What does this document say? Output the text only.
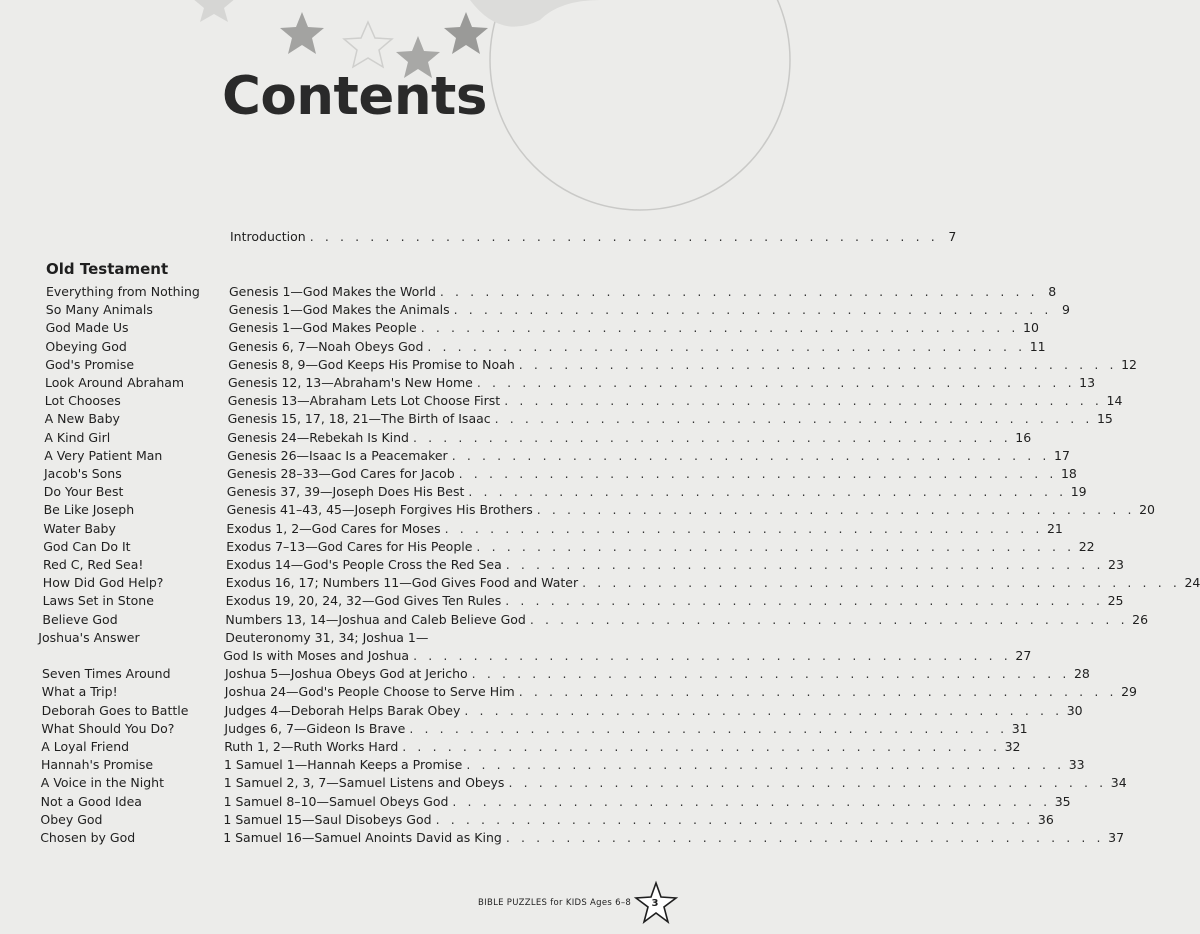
Contents
Introduction . . . . . . . . . . . . . . . . . . . . . . . . . . . . . . . . . . . . . . . . . . 7
Old Testament
Everything from Nothing Genesis 1—God Makes the World . . . . . . . . . . . . . . . . . . . . . . . . . . . . . . . . . . . . . . . . 8
So Many Animals	Genesis 1—God Makes the Animals . . . . . . . . . . . . . . . . . . . . . . . . . . . . . . . . . . . . . . . . 9
God Made Us	Genesis 1—God Makes People . . . . . . . . . . . . . . . . . . . . . . . . . . . . . . . . . . . . . . . . 10
Obeying God	Genesis 6, 7—Noah Obeys God . . . . . . . . . . . . . . . . . . . . . . . . . . . . . . . . . . . . . . . . 11
God's Promise	Genesis 8, 9—God Keeps His Promise to Noah . . . . . . . . . . . . . . . . . . . . . . . . . . . . . . . . . . . . . . . . 12
Look Around Abraham	Genesis 12, 13—Abraham's New Home . . . . . . . . . . . . . . . . . . . . . . . . . . . . . . . . . . . . . . . . 13
Lot Chooses	Genesis 13—Abraham Lets Lot Choose First . . . . . . . . . . . . . . . . . . . . . . . . . . . . . . . . . . . . . . . . 14
A New Baby	Genesis 15, 17, 18, 21—The Birth of Isaac . . . . . . . . . . . . . . . . . . . . . . . . . . . . . . . . . . . . . . . . 15
A Kind Girl	Genesis 24—Rebekah Is Kind . . . . . . . . . . . . . . . . . . . . . . . . . . . . . . . . . . . . . . . . 16
A Very Patient Man	Genesis 26—Isaac Is a Peacemaker . . . . . . . . . . . . . . . . . . . . . . . . . . . . . . . . . . . . . . . . 17
Jacob's Sons	Genesis 28–33—God Cares for Jacob . . . . . . . . . . . . . . . . . . . . . . . . . . . . . . . . . . . . . . . . 18
Do Your Best	Genesis 37, 39—Joseph Does His Best . . . . . . . . . . . . . . . . . . . . . . . . . . . . . . . . . . . . . . . . 19
Be Like Joseph	Genesis 41–43, 45—Joseph Forgives His Brothers . . . . . . . . . . . . . . . . . . . . . . . . . . . . . . . . . . . . . . . . 20
Water Baby	Exodus 1, 2—God Cares for Moses . . . . . . . . . . . . . . . . . . . . . . . . . . . . . . . . . . . . . . . . 21
God Can Do It	Exodus 7–13—God Cares for His People . . . . . . . . . . . . . . . . . . . . . . . . . . . . . . . . . . . . . . . . 22
Red C, Red Sea!	Exodus 14—God's People Cross the Red Sea . . . . . . . . . . . . . . . . . . . . . . . . . . . . . . . . . . . . . . . . 23
How Did God Help?	Exodus 16, 17; Numbers 11—God Gives Food and Water . . . . . . . . . . . . . . . . . . . . . . . . . . . . . . . . . . . . . . . . 24
Laws Set in Stone	Exodus 19, 20, 24, 32—God Gives Ten Rules . . . . . . . . . . . . . . . . . . . . . . . . . . . . . . . . . . . . . . . . 25
Believe God	Numbers 13, 14—Joshua and Caleb Believe God . . . . . . . . . . . . . . . . . . . . . . . . . . . . . . . . . . . . . . . . 26
Joshua's Answer	Deuteronomy 31, 34; Joshua 1—
God Is with Moses and Joshua . . . . . . . . . . . . . . . . . . . . . . . . . . . . . . . . . . . . . . . . 27
Seven Times Around	Joshua 5—Joshua Obeys God at Jericho . . . . . . . . . . . . . . . . . . . . . . . . . . . . . . . . . . . . . . . . 28
What a Trip!	Joshua 24—God's People Choose to Serve Him . . . . . . . . . . . . . . . . . . . . . . . . . . . . . . . . . . . . . . . . 29
Deborah Goes to Battle	Judges 4—Deborah Helps Barak Obey . . . . . . . . . . . . . . . . . . . . . . . . . . . . . . . . . . . . . . . . 30
What Should You Do?	Judges 6, 7—Gideon Is Brave . . . . . . . . . . . . . . . . . . . . . . . . . . . . . . . . . . . . . . . . 31
A Loyal Friend	Ruth 1, 2—Ruth Works Hard . . . . . . . . . . . . . . . . . . . . . . . . . . . . . . . . . . . . . . . . 32
Hannah's Promise	1 Samuel 1—Hannah Keeps a Promise . . . . . . . . . . . . . . . . . . . . . . . . . . . . . . . . . . . . . . . . 33
A Voice in the Night	1 Samuel 2, 3, 7—Samuel Listens and Obeys . . . . . . . . . . . . . . . . . . . . . . . . . . . . . . . . . . . . . . . . 34
Not a Good Idea	1 Samuel 8–10—Samuel Obeys God . . . . . . . . . . . . . . . . . . . . . . . . . . . . . . . . . . . . . . . . 35
Obey God	1 Samuel 15—Saul Disobeys God . . . . . . . . . . . . . . . . . . . . . . . . . . . . . . . . . . . . . . . . 36
Chosen by God	1 Samuel 16—Samuel Anoints David as King . . . . . . . . . . . . . . . . . . . . . . . . . . . . . . . . . . . . . . . . 37
BIBLE PUZZLES for KIDS Ages 6–8	3
